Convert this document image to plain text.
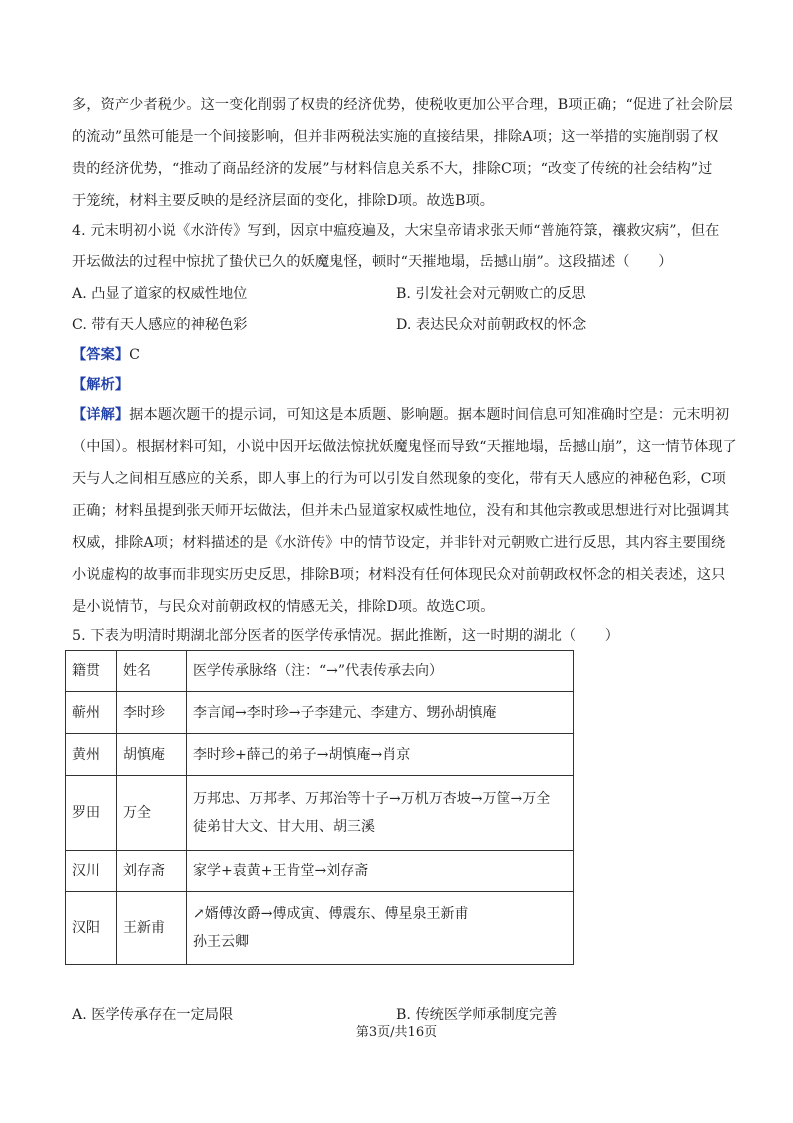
多，资产少者税少。这一变化削弱了权贵的经济优势，使税收更加公平合理，B项正确；“促进了社会阶层
的流动”虽然可能是一个间接影响，但并非两税法实施的直接结果，排除A项；这一举措的实施削弱了权
贵的经济优势，“推动了商品经济的发展”与材料信息关系不大，排除C项；“改变了传统的社会结构”过
于笼统，材料主要反映的是经济层面的变化，排除D项。故选B项。
4. 元末明初小说《水浒传》写到，因京中瘟疫遍及，大宋皇帝请求张天师“普施符箓，禳救灾病”，但在
开坛做法的过程中惊扰了蛰伏已久的妖魔鬼怪，顿时“天摧地塌，岳撼山崩”。这段描述（　　）
A. 凸显了道家的权威性地位	B. 引发社会对元朝败亡的反思
C. 带有天人感应的神秘色彩	D. 表达民众对前朝政权的怀念
【答案】C
【解析】
【详解】据本题次题干的提示词，可知这是本质题、影响题。据本题时间信息可知准确时空是：元末明初
（中国）。根据材料可知，小说中因开坛做法惊扰妖魔鬼怪而导致“天摧地塌，岳撼山崩”，这一情节体现了
天与人之间相互感应的关系，即人事上的行为可以引发自然现象的变化，带有天人感应的神秘色彩，C项
正确；材料虽提到张天师开坛做法，但并未凸显道家权威性地位，没有和其他宗教或思想进行对比强调其
权威，排除A项；材料描述的是《水浒传》中的情节设定，并非针对元朝败亡进行反思，其内容主要围绕
小说虚构的故事而非现实历史反思，排除B项；材料没有任何体现民众对前朝政权怀念的相关表述，这只
是小说情节，与民众对前朝政权的情感无关，排除D项。故选C项。
5. 下表为明清时期湖北部分医者的医学传承情况。据此推断，这一时期的湖北（　　）
籍贯	姓名	医学传承脉络（注：“→”代表传承去向）
蕲州	李时珍	李言闻→李时珍→子李建元、李建方、甥孙胡慎庵
黄州	胡慎庵	李时珍+薛己的弟子→胡慎庵→肖京
罗田	万全	万邦忠、万邦孝、万邦治等十子→万机万杏坡→万筐→万全
徒弟甘大文、甘大用、胡三溪

汉川	刘存斋	家学+袁黄+王肯堂→刘存斋
汉阳	王新甫	↗婿傅汝爵→傅成寅、傅震东、傅星泉王新甫
孙王云卿
A. 医学传承存在一定局限	B. 传统医学师承制度完善
第3页/共16页
